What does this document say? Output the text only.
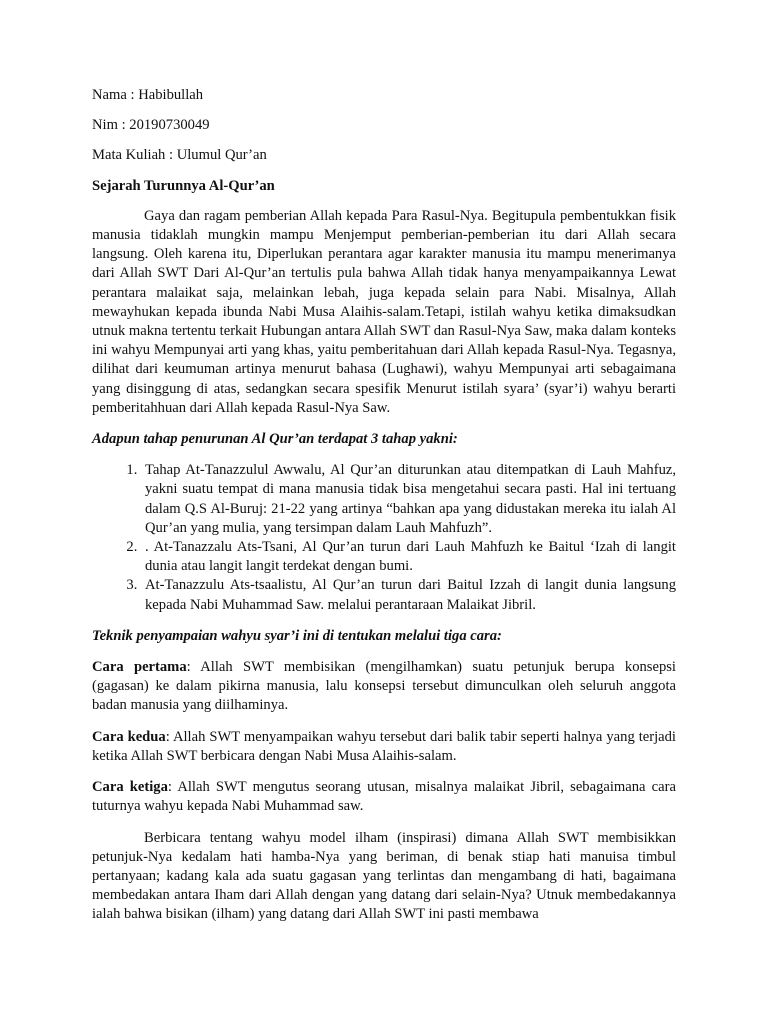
Nama : Habibullah

Nim : 20190730049

Mata Kuliah : Ulumul Qur’an

Sejarah Turunnya Al-Qur’an

Gaya dan ragam pemberian Allah kepada Para Rasul-Nya. Begitupula pembentukkan fisik manusia tidaklah mungkin mampu Menjemput pemberian-pemberian itu dari Allah secara langsung. Oleh karena itu, Diperlukan perantara agar karakter manusia itu mampu menerimanya dari Allah SWT Dari Al-Qur’an tertulis pula bahwa Allah tidak hanya menyampaikannya Lewat perantara malaikat saja, melainkan lebah, juga kepada selain para Nabi. Misalnya, Allah mewayhukan kepada ibunda Nabi Musa Alaihis-salam.Tetapi, istilah wahyu ketika dimaksudkan utnuk makna tertentu terkait Hubungan antara Allah SWT dan Rasul-Nya Saw, maka dalam konteks ini wahyu Mempunyai arti yang khas, yaitu pemberitahuan dari Allah kepada Rasul-Nya. Tegasnya, dilihat dari keumuman artinya menurut bahasa (Lughawi), wahyu Mempunyai arti sebagaimana yang disinggung di atas, sedangkan secara spesifik Menurut istilah syara’ (syar’i) wahyu berarti pemberitahhuan dari Allah kepada Rasul-Nya Saw.

Adapun tahap penurunan Al Qur’an terdapat 3 tahap yakni:

1. Tahap At-Tanazzulul Awwalu, Al Qur’an diturunkan atau ditempatkan di Lauh Mahfuz, yakni suatu tempat di mana manusia tidak bisa mengetahui secara pasti. Hal ini tertuang dalam Q.S Al-Buruj: 21-22 yang artinya “bahkan apa yang didustakan mereka itu ialah Al Qur’an yang mulia, yang tersimpan dalam Lauh Mahfuzh”.
2. . At-Tanazzalu Ats-Tsani, Al Qur’an turun dari Lauh Mahfuzh ke Baitul ‘Izah di langit dunia atau langit langit terdekat dengan bumi.
3. At-Tanazzulu Ats-tsaalistu, Al Qur’an turun dari Baitul Izzah di langit dunia langsung kepada Nabi Muhammad Saw. melalui perantaraan Malaikat Jibril.

Teknik penyampaian wahyu syar’i ini di tentukan melalui tiga cara:

Cara pertama: Allah SWT membisikan (mengilhamkan) suatu petunjuk berupa konsepsi (gagasan) ke dalam pikirna manusia, lalu konsepsi tersebut dimunculkan oleh seluruh anggota badan manusia yang diilhaminya.

Cara kedua: Allah SWT menyampaikan wahyu tersebut dari balik tabir seperti halnya yang terjadi ketika Allah SWT berbicara dengan Nabi Musa Alaihis-salam.

Cara ketiga: Allah SWT mengutus seorang utusan, misalnya malaikat Jibril, sebagaimana cara tuturnya wahyu kepada Nabi Muhammad saw.

Berbicara tentang wahyu model ilham (inspirasi) dimana Allah SWT membisikkan petunjuk-Nya kedalam hati hamba-Nya yang beriman, di benak stiap hati manuisa timbul pertanyaan; kadang kala ada suatu gagasan yang terlintas dan mengambang di hati, bagaimana membedakan antara Iham dari Allah dengan yang datang dari selain-Nya? Utnuk membedakannya ialah bahwa bisikan (ilham) yang datang dari Allah SWT ini pasti membawa
